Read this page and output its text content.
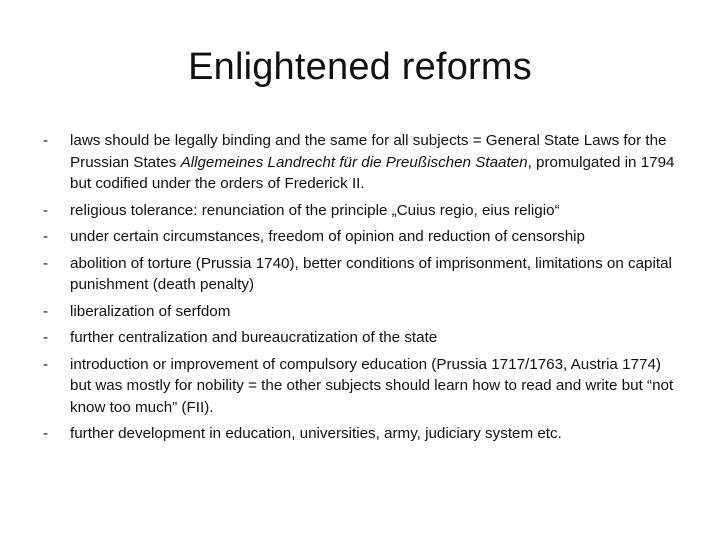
Enlightened reforms
- laws should be legally binding and the same for all subjects = General State Laws for the Prussian States Allgemeines Landrecht für die Preußischen Staaten, promulgated in 1794 but codified under the orders of Frederick II.
- religious tolerance: renunciation of the principle „Cuius regio, eius religio“
- under certain circumstances, freedom of opinion and reduction of censorship
- abolition of torture (Prussia 1740), better conditions of imprisonment, limitations on capital punishment (death penalty)
- liberalization of serfdom
- further centralization and bureaucratization of the state
- introduction or improvement of compulsory education (Prussia 1717/1763, Austria 1774) but was mostly for nobility = the other subjects should learn how to read and write but “not know too much” (FII).
- further development in education, universities, army, judiciary system etc.
